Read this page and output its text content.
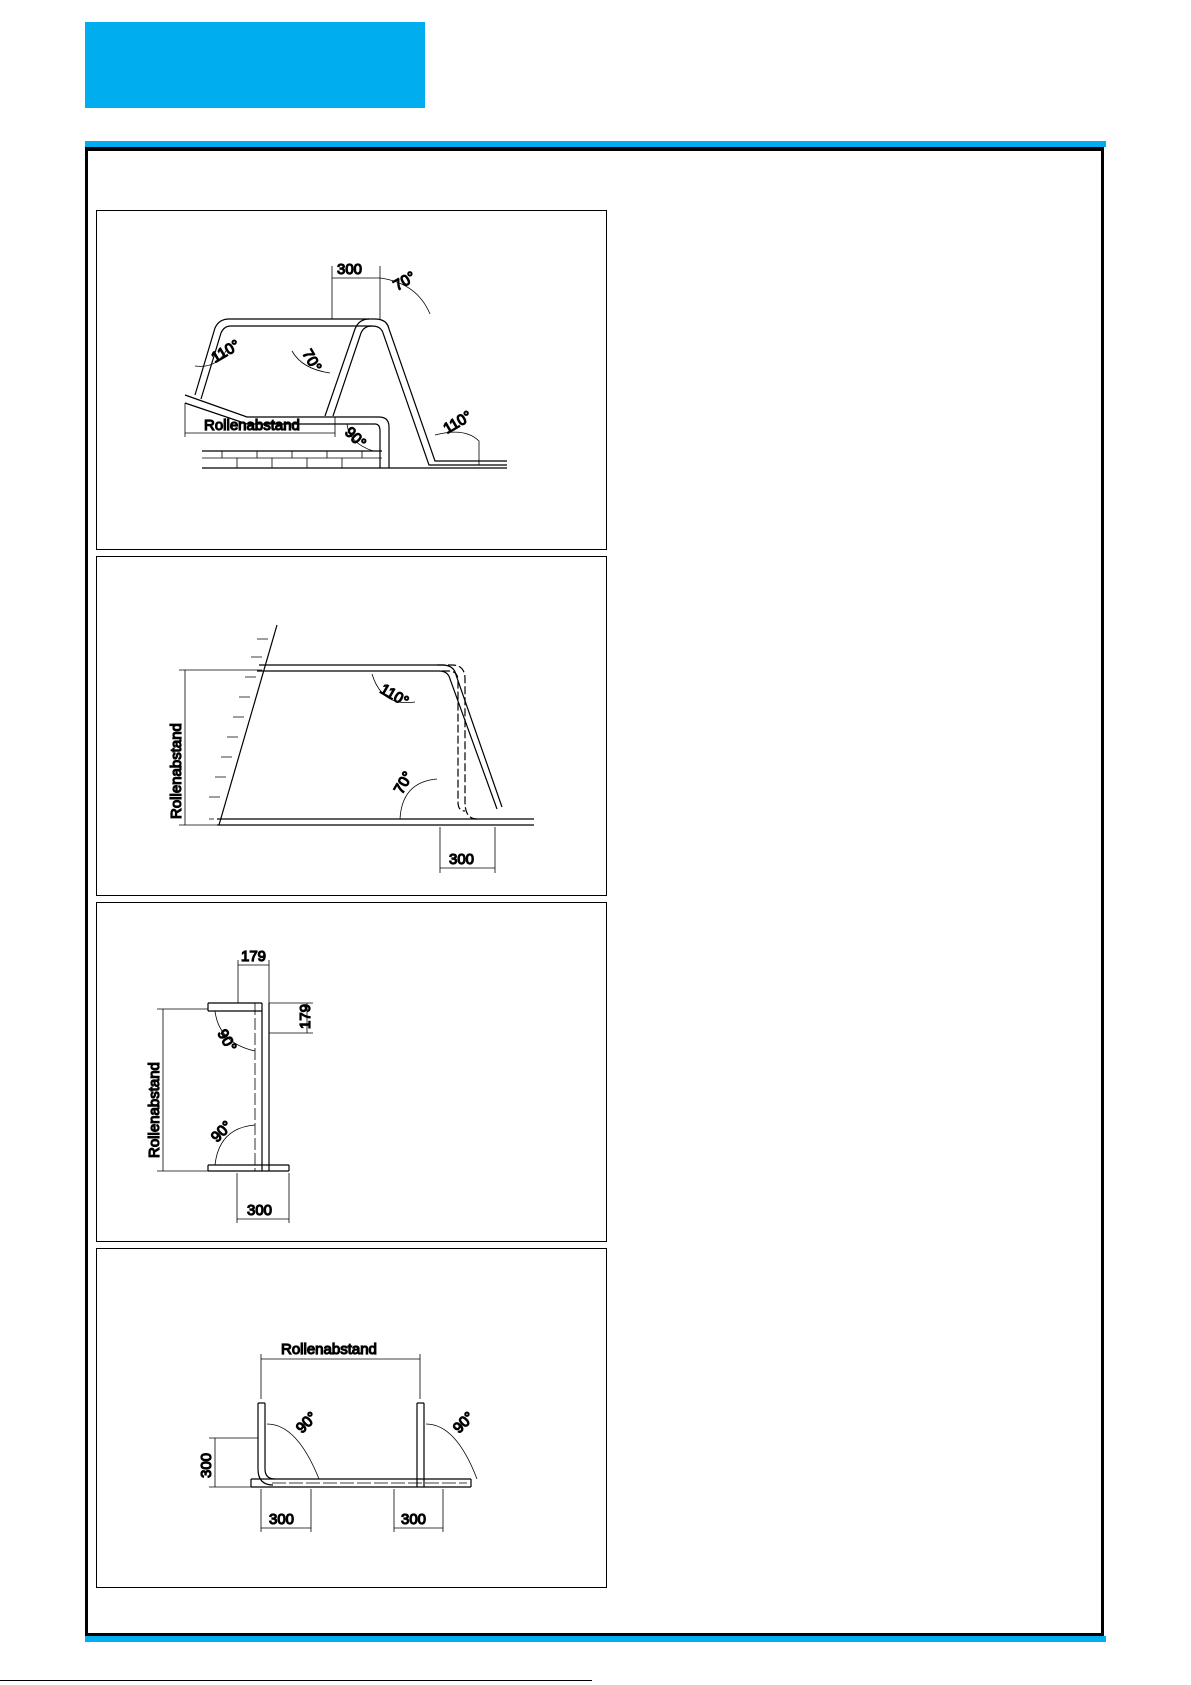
300 70°
110°	70°
Rollenabstand	90°
110°
Rollenabstand
110°
70°
300
179
179
90°
Rollenabstand	90°
300
Rollenabstand
90°	90°
300
300	300
